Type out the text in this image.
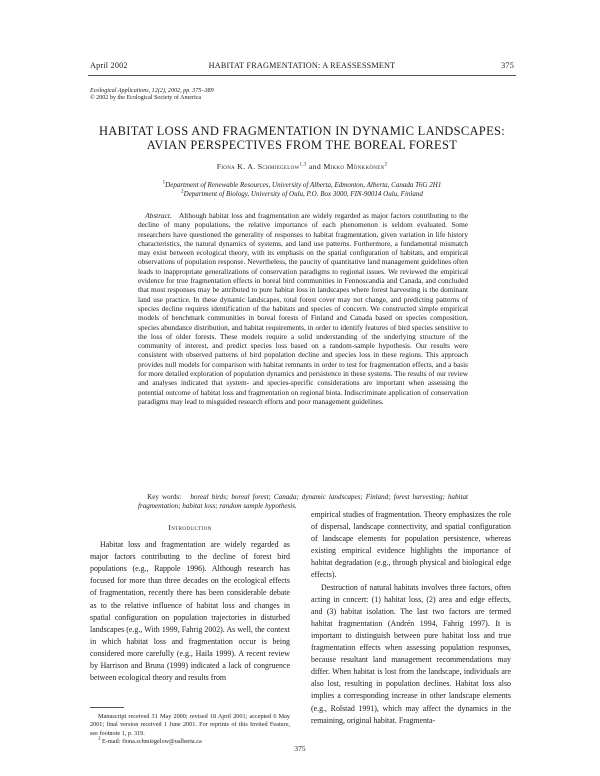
April 2002	HABITAT FRAGMENTATION: A REASSESSMENT	375
Ecological Applications, 12(2), 2002, pp. 375–389
© 2002 by the Ecological Society of America
HABITAT LOSS AND FRAGMENTATION IN DYNAMIC LANDSCAPES:
AVIAN PERSPECTIVES FROM THE BOREAL FOREST
Fiona K. A. Schmiegelow$^{1,3}$ and Mikko Mönkkönen$^2$
$^1$Department of Renewable Resources, University of Alberta, Edmonton, Alberta, Canada T6G 2H1
$^2$Department of Biology, University of Oulu, P.O. Box 3000, FIN-90014 Oulu, Finland
Abstract. Although habitat loss and fragmentation are widely regarded as major factors contributing to the decline of many populations, the relative importance of each phenomenon is seldom evaluated. Some researchers have questioned the generality of responses to habitat fragmentation, given variation in life history characteristics, the natural dynamics of systems, and land use patterns. Furthermore, a fundamental mismatch may exist between ecological theory, with its emphasis on the spatial configuration of habitats, and empirical observations of population response. Nevertheless, the paucity of quantitative land management guidelines often leads to inappropriate generalizations of conservation paradigms to regional issues. We reviewed the empirical evidence for true fragmentation effects in boreal bird communities in Fennoscandia and Canada, and concluded that most responses may be attributed to pure habitat loss in landscapes where forest harvesting is the dominant land use practice. In these dynamic landscapes, total forest cover may not change, and predicting patterns of species decline requires identification of the habitats and species of concern. We constructed simple empirical models of benchmark communities in boreal forests of Finland and Canada based on species composition, species abundance distribution, and habitat requirements, in order to identify features of bird species sensitive to the loss of older forests. These models require a solid understanding of the underlying structure of the community of interest, and predict species loss based on a random-sample hypothesis. Our results were consistent with observed patterns of bird population decline and species loss in these regions. This approach provides null models for comparison with habitat remnants in order to test for fragmentation effects, and a basis for more detailed exploration of population dynamics and persistence in these systems. The results of our review and analyses indicated that system- and species-specific considerations are important when assessing the potential outcome of habitat loss and fragmentation on regional biota. Indiscriminate application of conservation paradigms may lead to misguided research efforts and poor management guidelines.
Key words: boreal birds; boreal forest; Canada; dynamic landscapes; Finland; forest harvesting; habitat fragmentation; habitat loss; random sample hypothesis.

Introduction

Habitat loss and fragmentation are widely regarded as major factors contributing to the decline of forest bird populations (e.g., Rappole 1996). Although research has focused for more than three decades on the ecological effects of fragmentation, recently there has been considerable debate as to the relative influence of habitat loss and changes in spatial configuration on population trajectories in disturbed landscapes (e.g., With 1999, Fahrig 2002). As well, the context in which habitat loss and fragmentation occur is being considered more carefully (e.g., Haila 1999). A recent review by Harrison and Bruna (1999) indicated a lack of congruence between ecological theory and results from

empirical studies of fragmentation. Theory emphasizes the role of dispersal, landscape connectivity, and spatial configuration of landscape elements for population persistence, whereas existing empirical evidence highlights the importance of habitat degradation (e.g., through physical and biological edge effects).

Destruction of natural habitats involves three factors, often acting in concert: (1) habitat loss, (2) area and edge effects, and (3) habitat isolation. The last two factors are termed habitat fragmentation (Andrén 1994, Fahrig 1997). It is important to distinguish between pure habitat loss and true fragmentation effects when assessing population responses, because resultant land management recommendations may differ. When habitat is lost from the landscape, individuals are also lost, resulting in population declines. Habitat loss also implies a corresponding increase in other landscape elements (e.g., Rolstad 1991), which may affect the dynamics in the remaining, original habitat. Fragmenta-

Manuscript received 31 May 2000; revised 18 April 2001; accepted 6 May 2001; final version received 1 June 2001. For reprints of this Invited Feature, see footnote 1, p. 319.

$^3$ E-mail: fiona.schmiegelow@ualberta.ca

375
